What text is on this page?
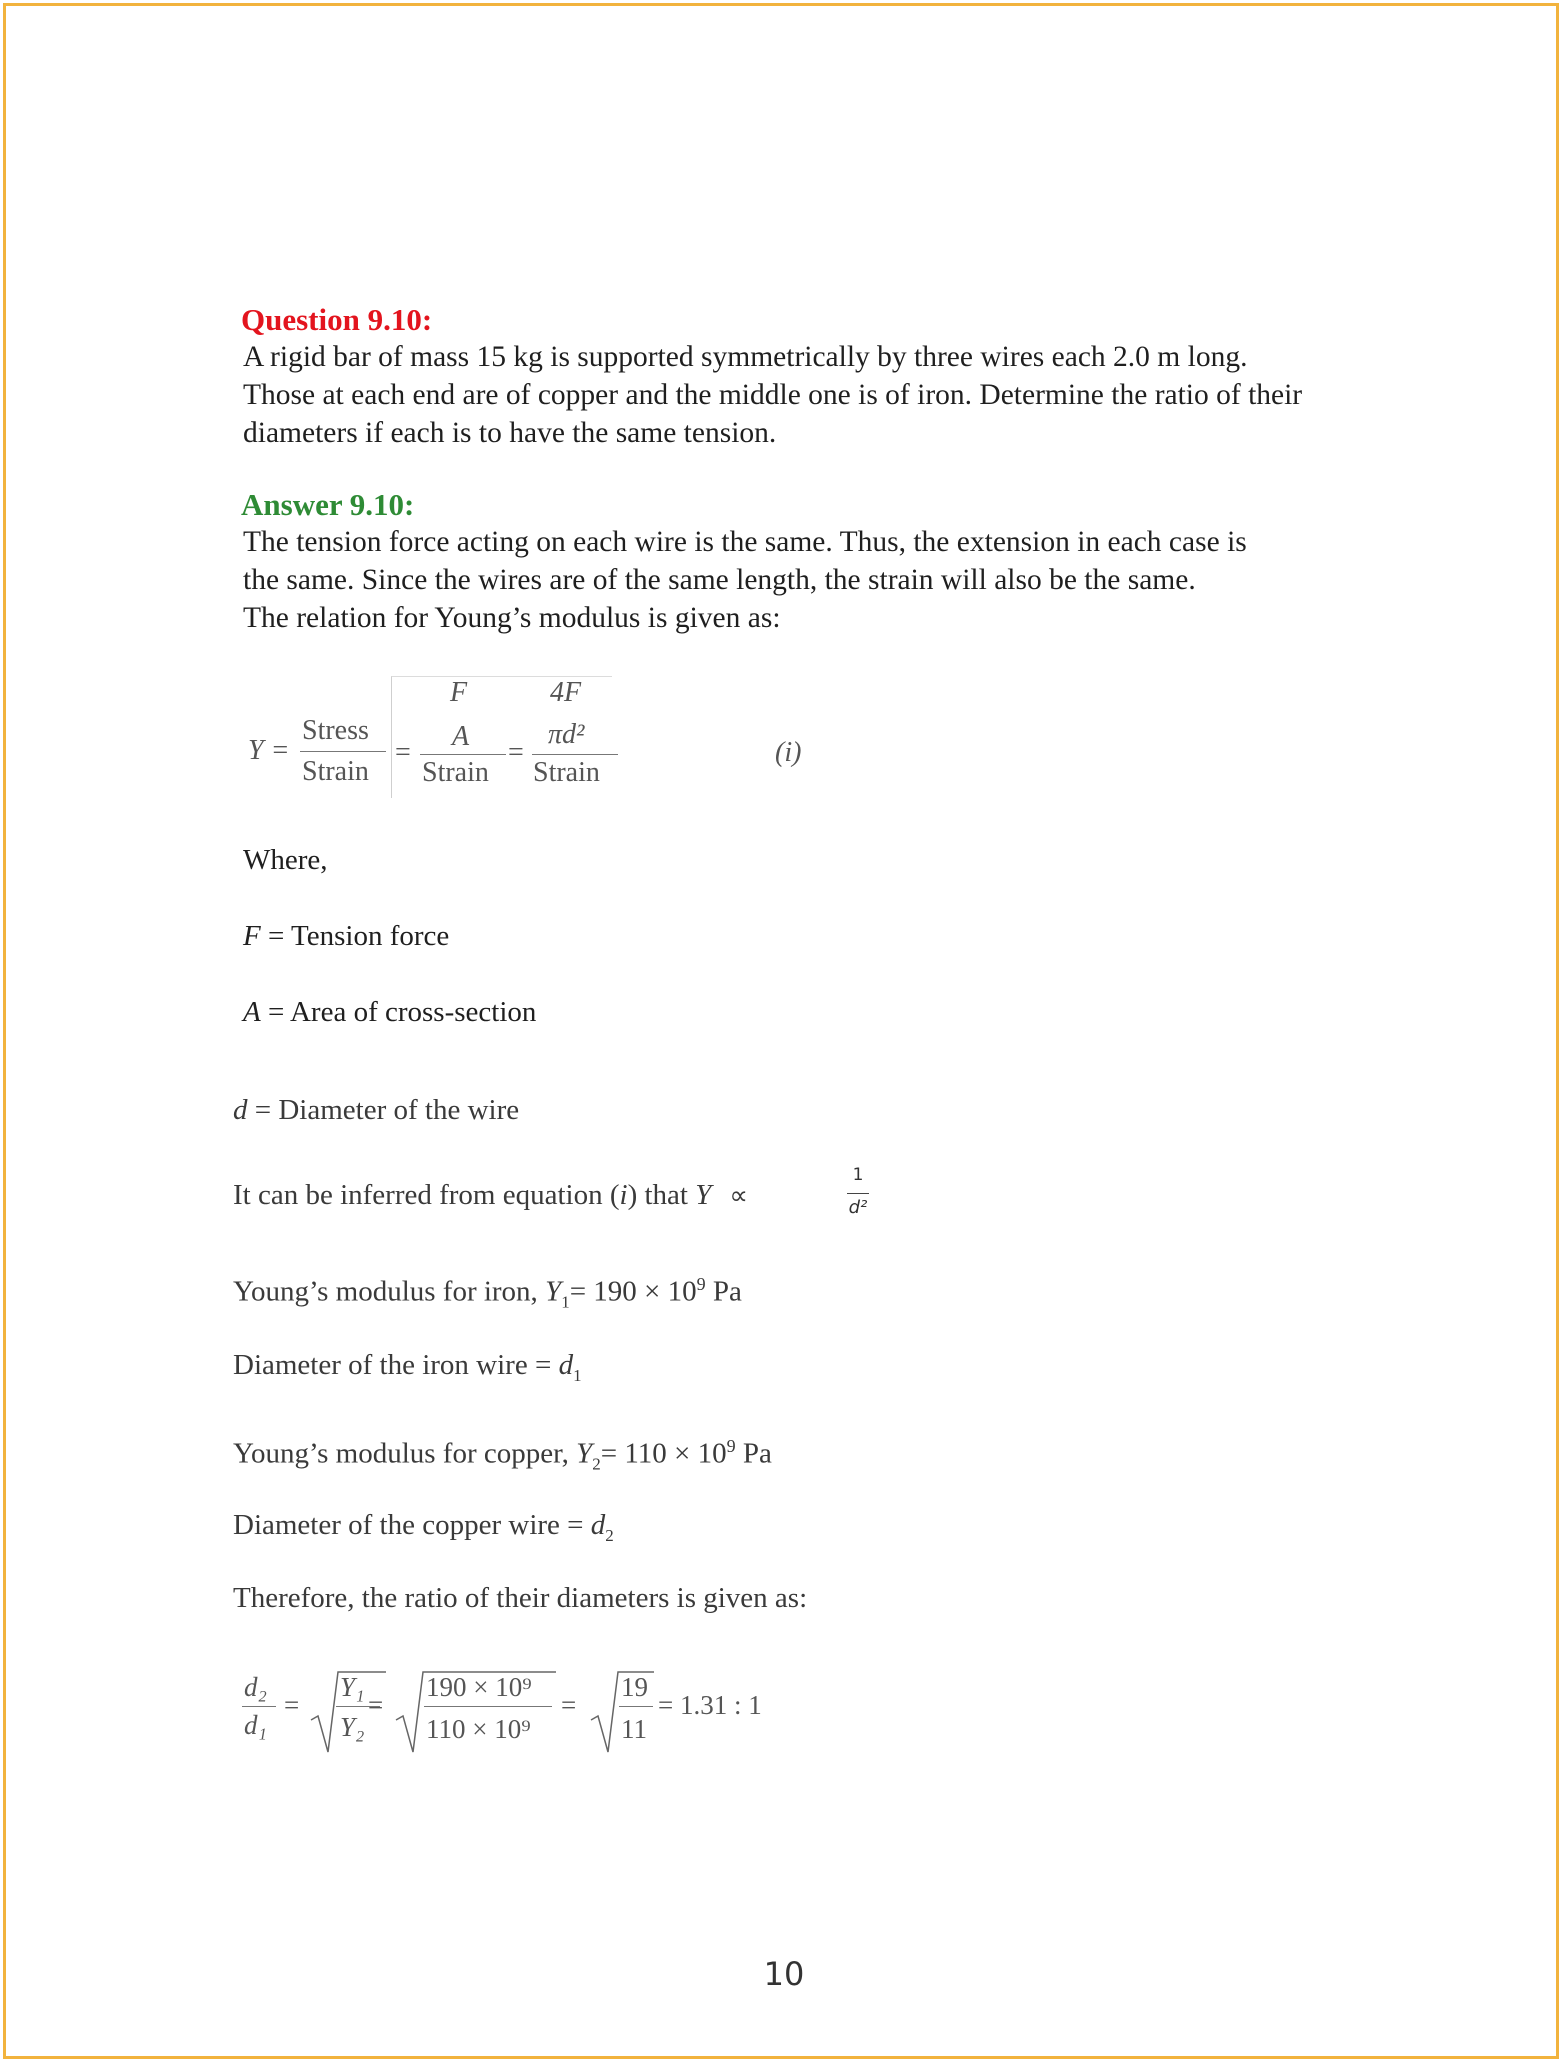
Question 9.10:
A rigid bar of mass 15 kg is supported symmetrically by three wires each 2.0 m long.
Those at each end are of copper and the middle one is of iron. Determine the ratio of their
diameters if each is to have the same tension.
Answer 9.10:
The tension force acting on each wire is the same. Thus, the extension in each case is
the same. Since the wires are of the same length, the strain will also be the same.
The relation for Young’s modulus is given as:
Y =
Stress
Strain
=
F
A
Strain
=
4F
πd²
Strain
(i)
Where,
F = Tension force
A = Area of cross-section
d = Diameter of the wire
It can be inferred from equation (i) that Y ∝
1
d²
Young’s modulus for iron, $Y_1= 190 \times 10^9$ Pa
Diameter of the iron wire = $d_1$
Young’s modulus for copper, $Y_2= 110 \times 10^9$ Pa
Diameter of the copper wire = $d_2$
Therefore, the ratio of their diameters is given as:
d₂
d₁
=
Y₁
Y₂
=
190 × 10⁹
110 × 10⁹
=
19
11
= 1.31 : 1
10
